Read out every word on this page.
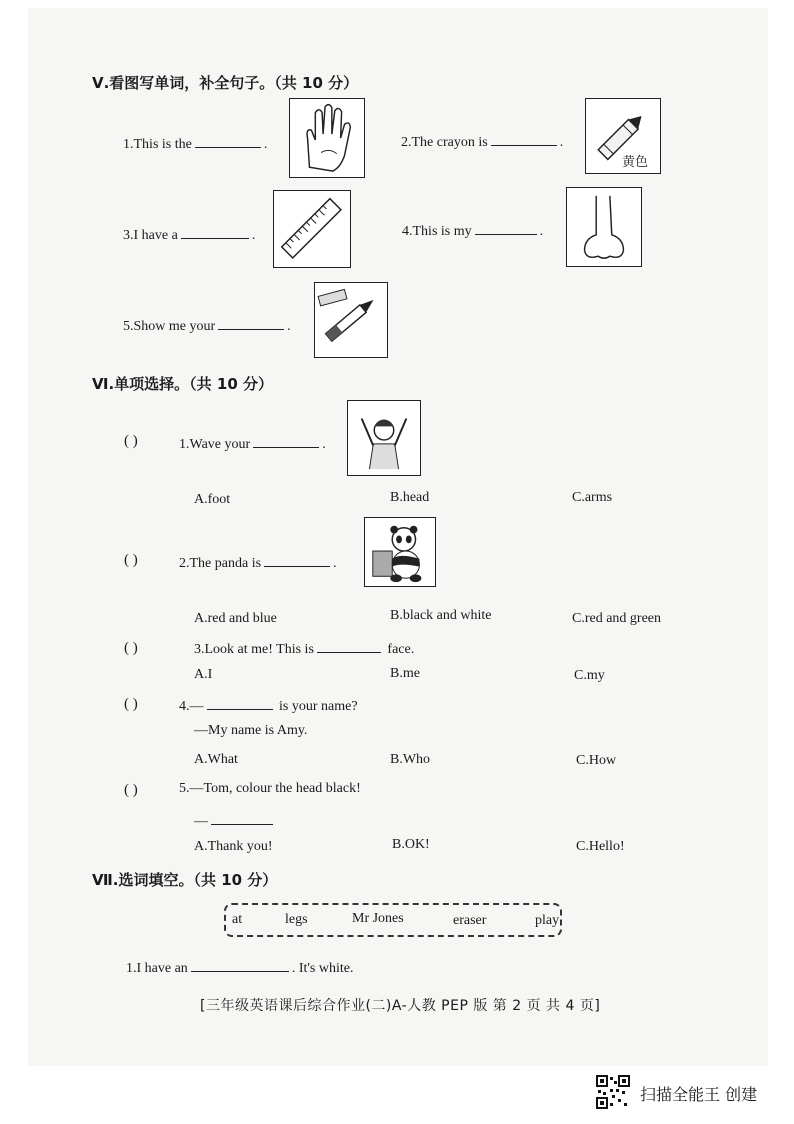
Ⅴ.看图写单词，补全句子。（共 10 分）
1.This is the	.	2.The crayon is	.
黄色
3.I have a	.	4.This is my	.
5.Show me your	.
Ⅵ.单项选择。（共 10 分）
( )	1.Wave your	.
A.foot	B.head	C.arms
( )	2.The panda is	.
A.red and blue	B.black and white	C.red and green
( )	3.Look at me! This is	face.
A.I	B.me	C.my
( )	4.—	is your name?
—My name is Amy.
A.What	B.Who	C.How
( )	5.—Tom, colour the head black!
—
A.Thank you!	B.OK!	C.Hello!
Ⅶ.选词填空。（共 10 分）
at	legs	Mr Jones	eraser	play
1.I have an	. It's white.
[三年级英语课后综合作业(二)A-人教 PEP 版 第 2 页 共 4 页]
扫描全能王 创建
